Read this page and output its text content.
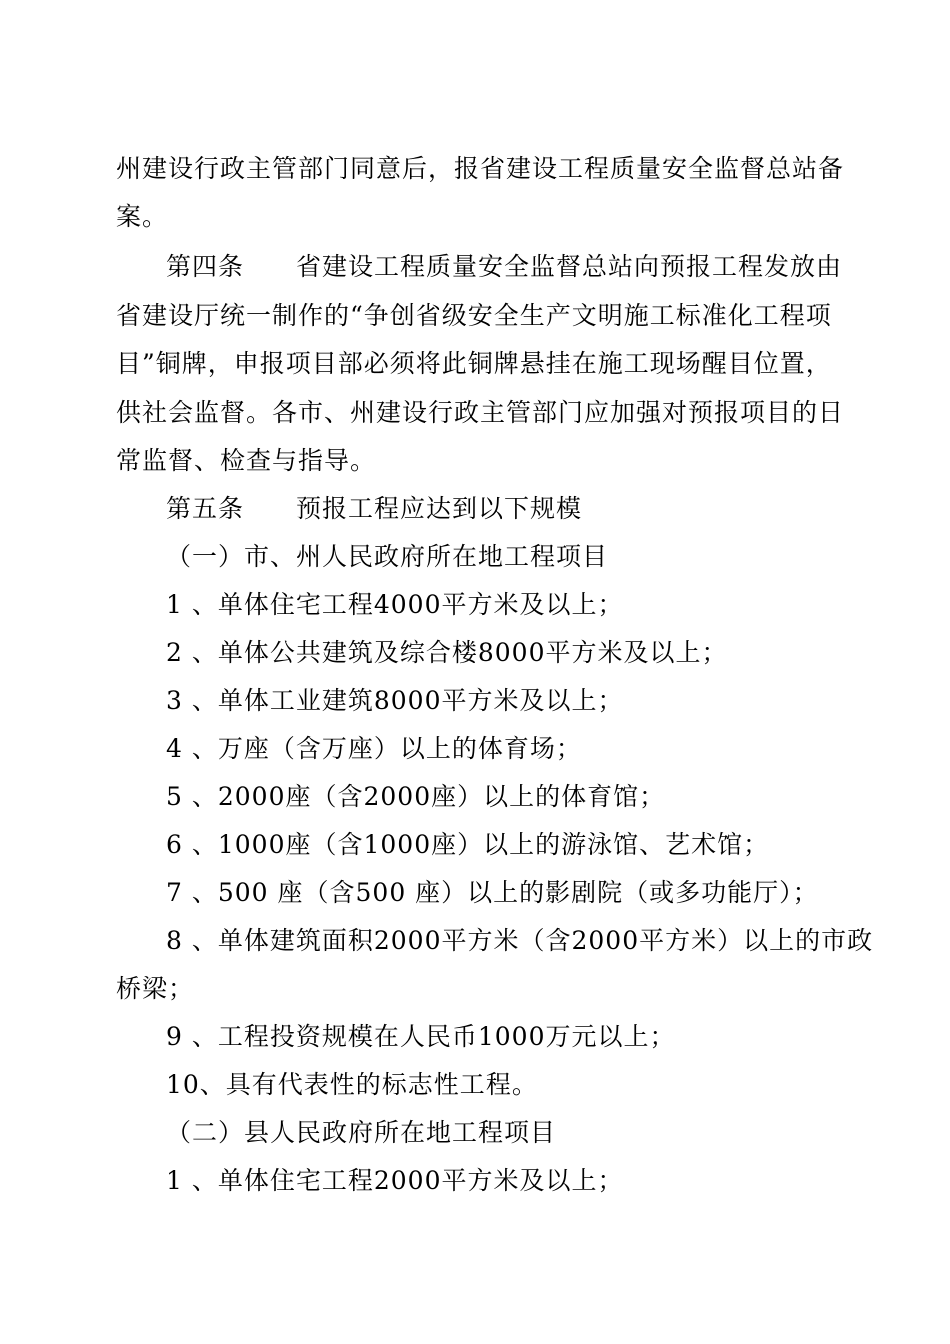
州建设行政主管部门同意后，报省建设工程质量安全监督总站备
案。
第四条　　省建设工程质量安全监督总站向预报工程发放由
省建设厅统一制作的“争创省级安全生产文明施工标准化工程项
目”铜牌，申报项目部必须将此铜牌悬挂在施工现场醒目位置，
供社会监督。各市、州建设行政主管部门应加强对预报项目的日
常监督、检查与指导。
第五条　　预报工程应达到以下规模
（一）市、州人民政府所在地工程项目
1 、单体住宅工程4000平方米及以上；
2 、单体公共建筑及综合楼8000平方米及以上；
3 、单体工业建筑8000平方米及以上；
4 、万座（含万座）以上的体育场；
5 、2000座（含2000座）以上的体育馆；
6 、1000座（含1000座）以上的游泳馆、艺术馆；
7 、500 座（含500 座）以上的影剧院（或多功能厅）；
8 、单体建筑面积2000平方米（含2000平方米）以上的市政
桥梁；
9 、工程投资规模在人民币1000万元以上；
10、具有代表性的标志性工程。
（二）县人民政府所在地工程项目
1 、单体住宅工程2000平方米及以上；
